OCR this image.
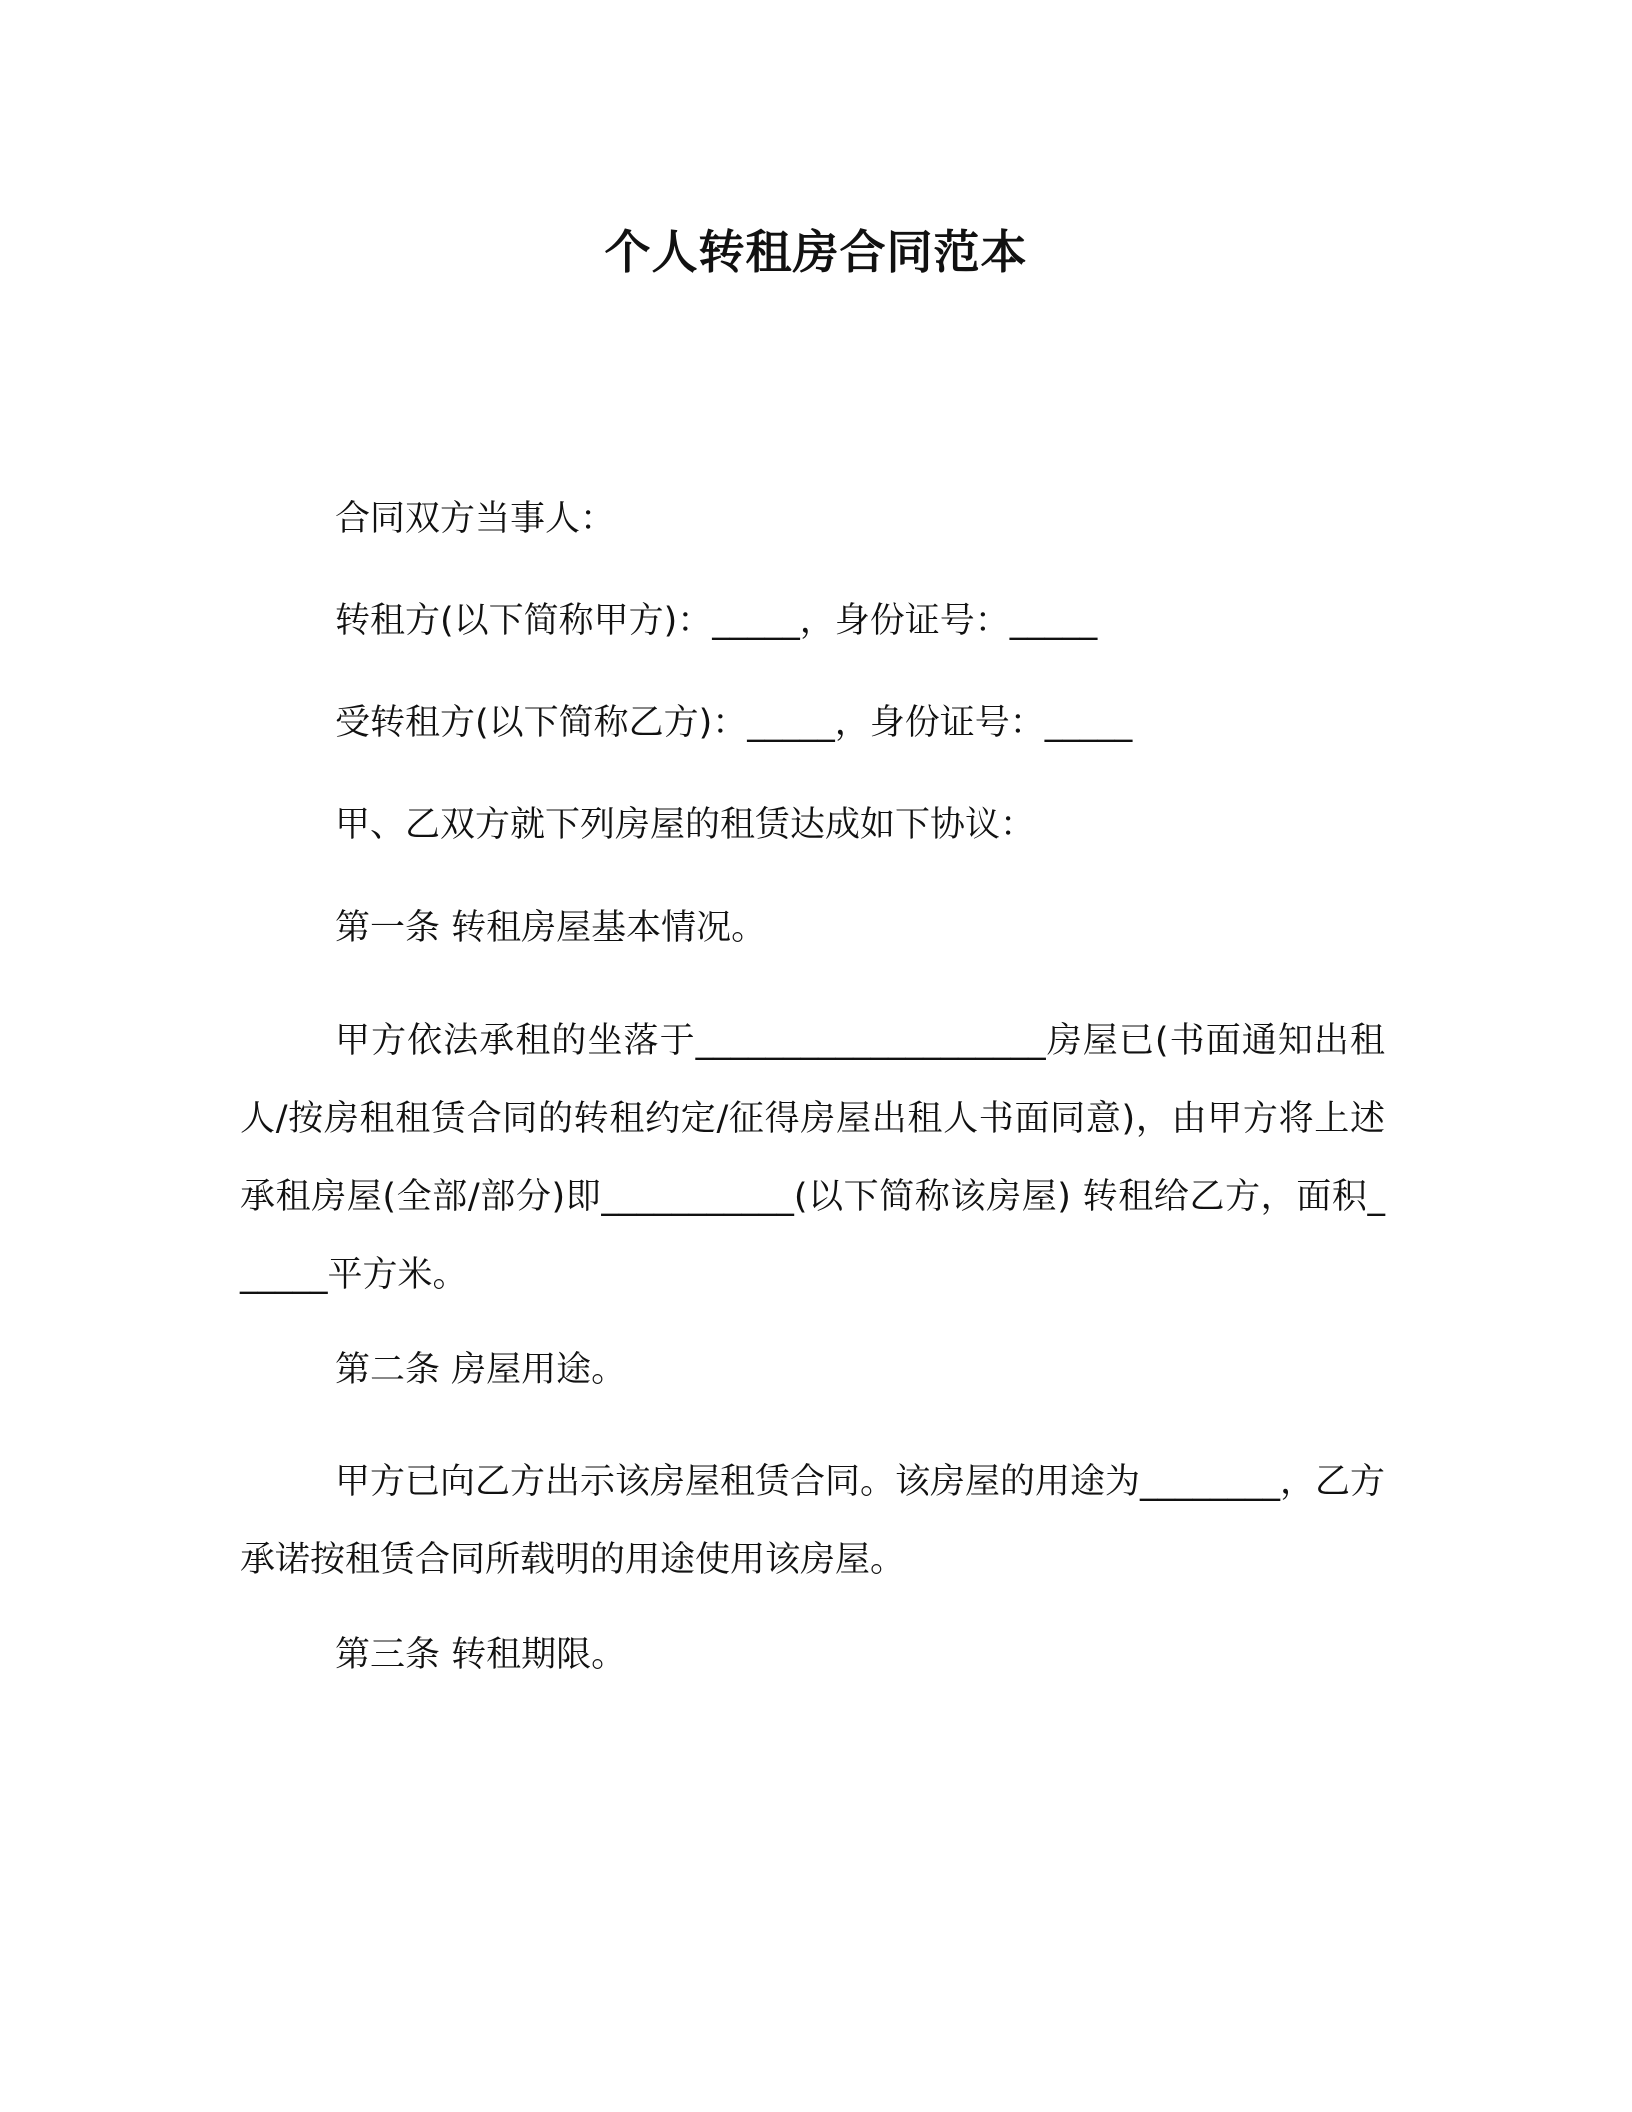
个人转租房合同范本
合同双方当事人：
转租方(以下简称甲方)：_____，身份证号：_____
受转租方(以下简称乙方)：_____，身份证号：_____
甲、乙双方就下列房屋的租赁达成如下协议：
第一条 转租房屋基本情况。
甲方依法承租的坐落于____________________房屋已(书面通知出租人/按房租租赁合同的转租约定/征得房屋出租人书面同意)，由甲方将上述承租房屋(全部/部分)即___________(以下简称该房屋) 转租给乙方，面积______平方米。
第二条 房屋用途。
甲方已向乙方出示该房屋租赁合同。该房屋的用途为________，乙方承诺按租赁合同所载明的用途使用该房屋。
第三条 转租期限。
